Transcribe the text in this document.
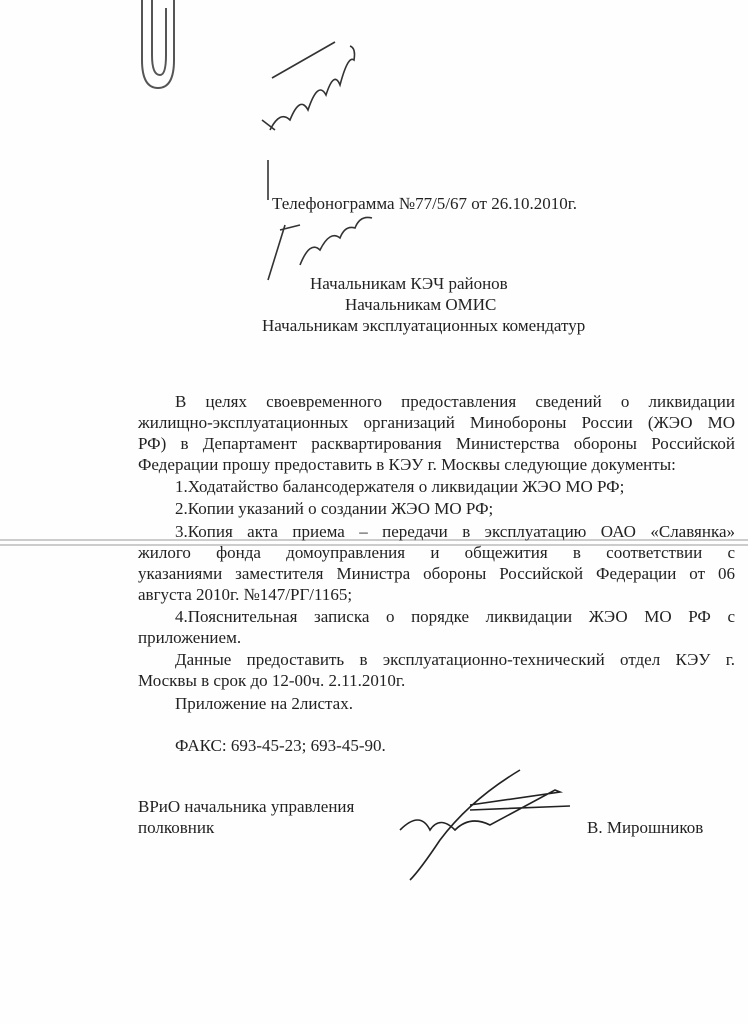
Телефонограмма №77/5/67 от 26.10.2010г.
Начальникам КЭЧ районов
Начальникам ОМИС
Начальникам эксплуатационных комендатур
В целях своевременного предоставления сведений о ликвидации
жилищно-эксплуатационных организаций Минобороны России (ЖЭО МО
РФ) в Департамент расквартирования Министерства обороны Российской
Федерации прошу предоставить в КЭУ г. Москвы следующие документы:
1.Ходатайство балансодержателя о ликвидации ЖЭО МО РФ;
2.Копии указаний о создании ЖЭО МО РФ;
3.Копия акта приема – передачи в эксплуатацию ОАО «Славянка»
жилого фонда домоуправления и общежития в соответствии с
указаниями заместителя Министра обороны Российской Федерации от 06
августа 2010г. №147/РГ/1165;
4.Пояснительная записка о порядке ликвидации ЖЭО МО РФ с
приложением.
Данные предоставить в эксплуатационно-технический отдел КЭУ г.
Москвы в срок до 12-00ч. 2.11.2010г.
Приложение на 2листах.
ФАКС: 693-45-23; 693-45-90.
ВРиО начальника управления
полковник	В. Мирошников
